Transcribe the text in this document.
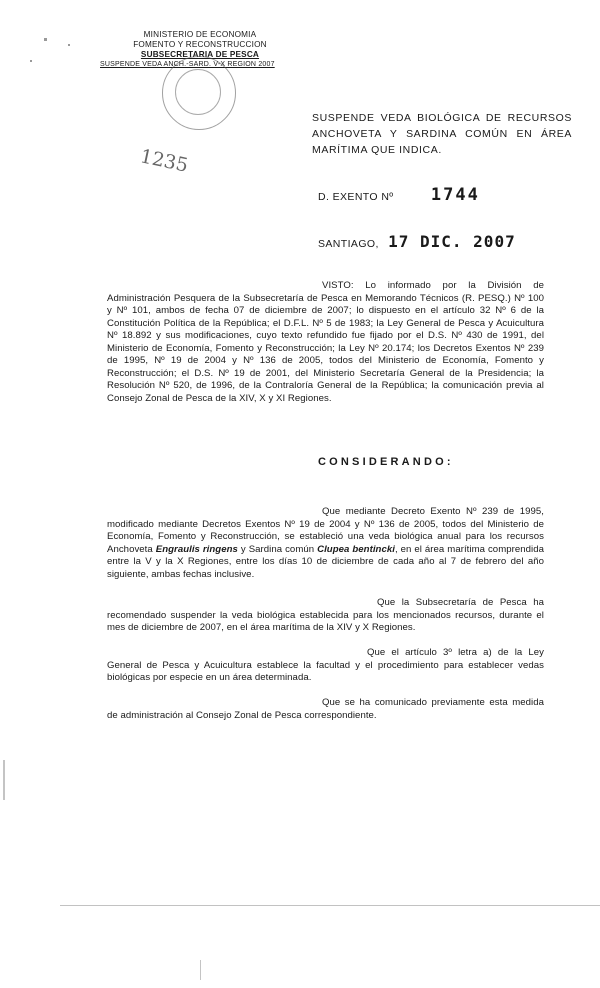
MINISTERIO DE ECONOMIA
FOMENTO Y RECONSTRUCCION
SUBSECRETARIA DE PESCA
SUSPENDE VEDA ANCH.-SARD. V-X REGION 2007
1235
SUSPENDE VEDA BIOLÓGICA DE RECURSOS ANCHOVETA Y SARDINA COMÚN EN ÁREA MARÍTIMA QUE INDICA.
D. EXENTO Nº 1744
SANTIAGO, 17 DIC. 2007
VISTO: Lo informado por la División de Administración Pesquera de la Subsecretaría de Pesca en Memorando Técnicos (R. PESQ.) Nº 100 y Nº 101, ambos de fecha 07 de diciembre de 2007; lo dispuesto en el artículo 32 Nº 6 de la Constitución Política de la República; el D.F.L. Nº 5 de 1983; la Ley General de Pesca y Acuicultura Nº 18.892 y sus modificaciones, cuyo texto refundido fue fijado por el D.S. Nº 430 de 1991, del Ministerio de Economía, Fomento y Reconstrucción; la Ley Nº 20.174; los Decretos Exentos Nº 239 de 1995, Nº 19 de 2004 y Nº 136 de 2005, todos del Ministerio de Economía, Fomento y Reconstrucción; el D.S. Nº 19 de 2001, del Ministerio Secretaría General de la Presidencia; la Resolución Nº 520, de 1996, de la Contraloría General de la República; la comunicación previa al Consejo Zonal de Pesca de la XIV, X y XI Regiones.
CONSIDERANDO:
Que mediante Decreto Exento Nº 239 de 1995, modificado mediante Decretos Exentos Nº 19 de 2004 y Nº 136 de 2005, todos del Ministerio de Economía, Fomento y Reconstrucción, se estableció una veda biológica anual para los recursos Anchoveta Engraulis ringens y Sardina común Clupea bentincki, en el área marítima comprendida entre la V y la X Regiones, entre los días 10 de diciembre de cada año al 7 de febrero del año siguiente, ambas fechas inclusive.
Que la Subsecretaría de Pesca ha recomendado suspender la veda biológica establecida para los mencionados recursos, durante el mes de diciembre de 2007, en el área marítima de la XIV y X Regiones.
Que el artículo 3º letra a) de la Ley General de Pesca y Acuicultura establece la facultad y el procedimiento para establecer vedas biológicas por especie en un área determinada.
Que se ha comunicado previamente esta medida de administración al Consejo Zonal de Pesca correspondiente.
